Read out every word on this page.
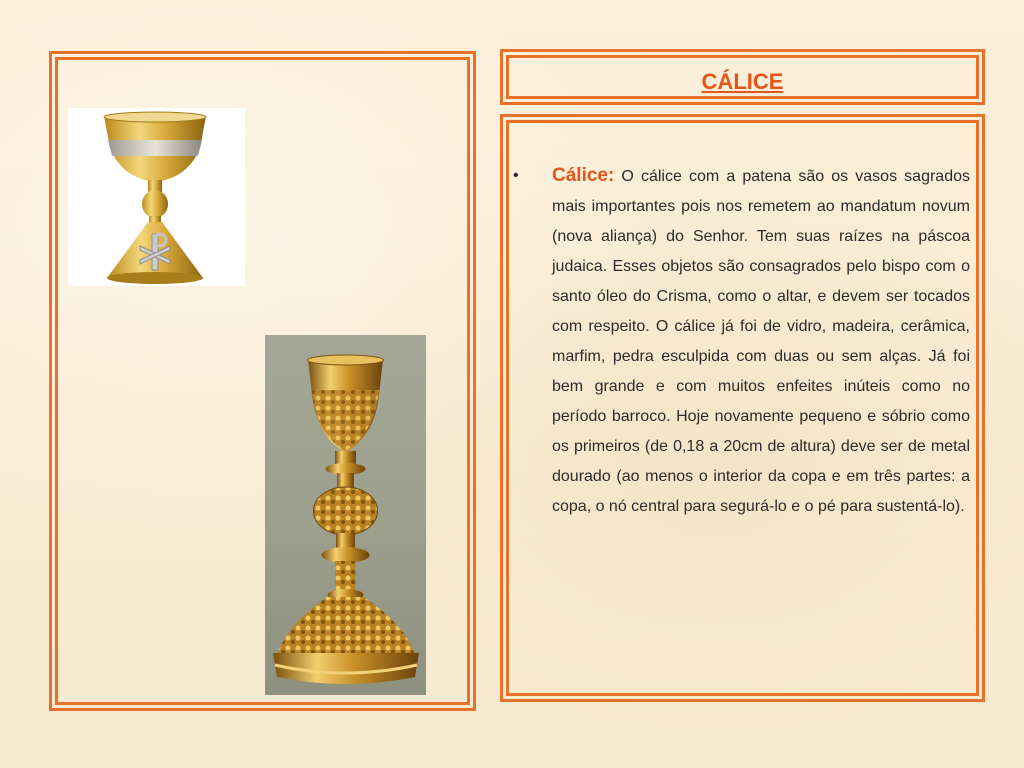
CÁLICE
• Cálice: O cálice com a patena são os vasos sagrados mais importantes pois nos remetem ao mandatum novum (nova aliança) do Senhor. Tem suas raízes na páscoa judaica. Esses objetos são consagrados pelo bispo com o santo óleo do Crisma, como o altar, e devem ser tocados com respeito. O cálice já foi de vidro, madeira, cerâmica, marfim, pedra esculpida com duas ou sem alças. Já foi bem grande e com muitos enfeites inúteis como no período barroco. Hoje novamente pequeno e sóbrio como os primeiros (de 0,18 a 20cm de altura) deve ser de metal dourado (ao menos o interior da copa e em três partes: a copa, o nó central para segurá-lo e o pé para sustentá-lo).
